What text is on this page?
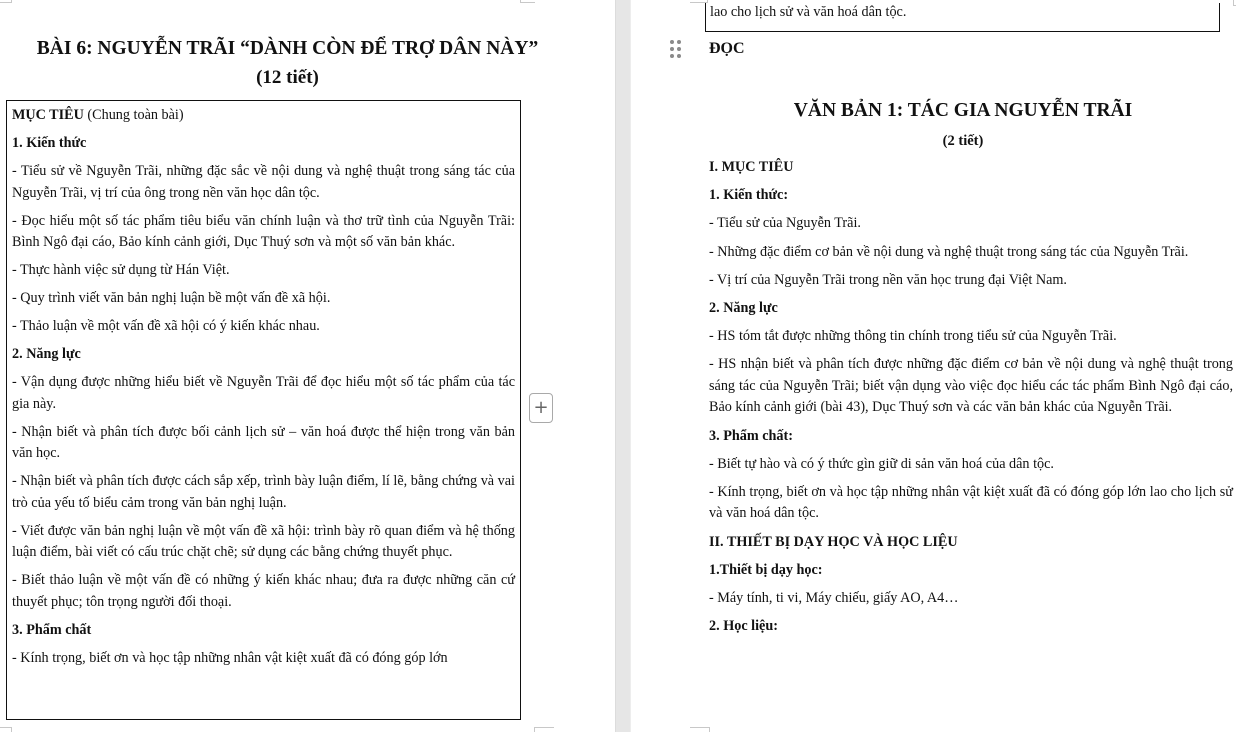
BÀI 6: NGUYỄN TRÃI “DÀNH CÒN ĐỂ TRỢ DÂN NÀY”
(12 tiết)

MỤC TIÊU (Chung toàn bài)

1. Kiến thức

- Tiểu sử về Nguyễn Trãi, những đặc sắc về nội dung và nghệ thuật trong sáng tác của Nguyễn Trãi, vị trí của ông trong nền văn học dân tộc.

- Đọc hiểu một số tác phẩm tiêu biểu văn chính luận và thơ trữ tình của Nguyễn Trãi: Bình Ngô đại cáo, Bảo kính cảnh giới, Dục Thuý sơn và một số văn bản khác.

- Thực hành việc sử dụng từ Hán Việt.

- Quy trình viết văn bản nghị luận bề một vấn đề xã hội.

- Thảo luận về một vấn đề xã hội có ý kiến khác nhau.

2. Năng lực

- Vận dụng được những hiểu biết về Nguyễn Trãi để đọc hiểu một số tác phẩm của tác gia này.

- Nhận biết và phân tích được bối cảnh lịch sử – văn hoá được thể hiện trong văn bản văn học.

- Nhận biết và phân tích được cách sắp xếp, trình bày luận điểm, lí lẽ, bằng chứng và vai trò của yếu tố biểu cảm trong văn bản nghị luận.

- Viết được văn bản nghị luận về một vấn đề xã hội: trình bày rõ quan điểm và hệ thống luận điểm, bài viết có cấu trúc chặt chẽ; sử dụng các bằng chứng thuyết phục.

- Biết thảo luận về một vấn đề có những ý kiến khác nhau; đưa ra được những căn cứ thuyết phục; tôn trọng người đối thoại.

3. Phẩm chất

- Kính trọng, biết ơn và học tập những nhân vật kiệt xuất đã có đóng góp lớn

+
lao cho lịch sử và văn hoá dân tộc.
ĐỌC
VĂN BẢN 1: TÁC GIA NGUYỄN TRÃI
(2 tiết)

I. MỤC TIÊU

1. Kiến thức:

- Tiểu sử của Nguyễn Trãi.

- Những đặc điểm cơ bản về nội dung và nghệ thuật trong sáng tác của Nguyễn Trãi.

- Vị trí của Nguyễn Trãi trong nền văn học trung đại Việt Nam.

2. Năng lực

- HS tóm tắt được những thông tin chính trong tiểu sử của Nguyễn Trãi.

- HS nhận biết và phân tích được những đặc điểm cơ bản về nội dung và nghệ thuật trong sáng tác của Nguyễn Trãi; biết vận dụng vào việc đọc hiểu các tác phẩm Bình Ngô đại cáo, Bảo kính cảnh giới (bài 43), Dục Thuý sơn và các văn bản khác của Nguyễn Trãi.

3. Phẩm chất:

- Biết tự hào và có ý thức gìn giữ di sản văn hoá của dân tộc.

- Kính trọng, biết ơn và học tập những nhân vật kiệt xuất đã có đóng góp lớn lao cho lịch sử và văn hoá dân tộc.

II. THIẾT BỊ DẠY HỌC VÀ HỌC LIỆU

1.Thiết bị dạy học:

- Máy tính, ti vi, Máy chiếu, giấy AO, A4…

2. Học liệu:
